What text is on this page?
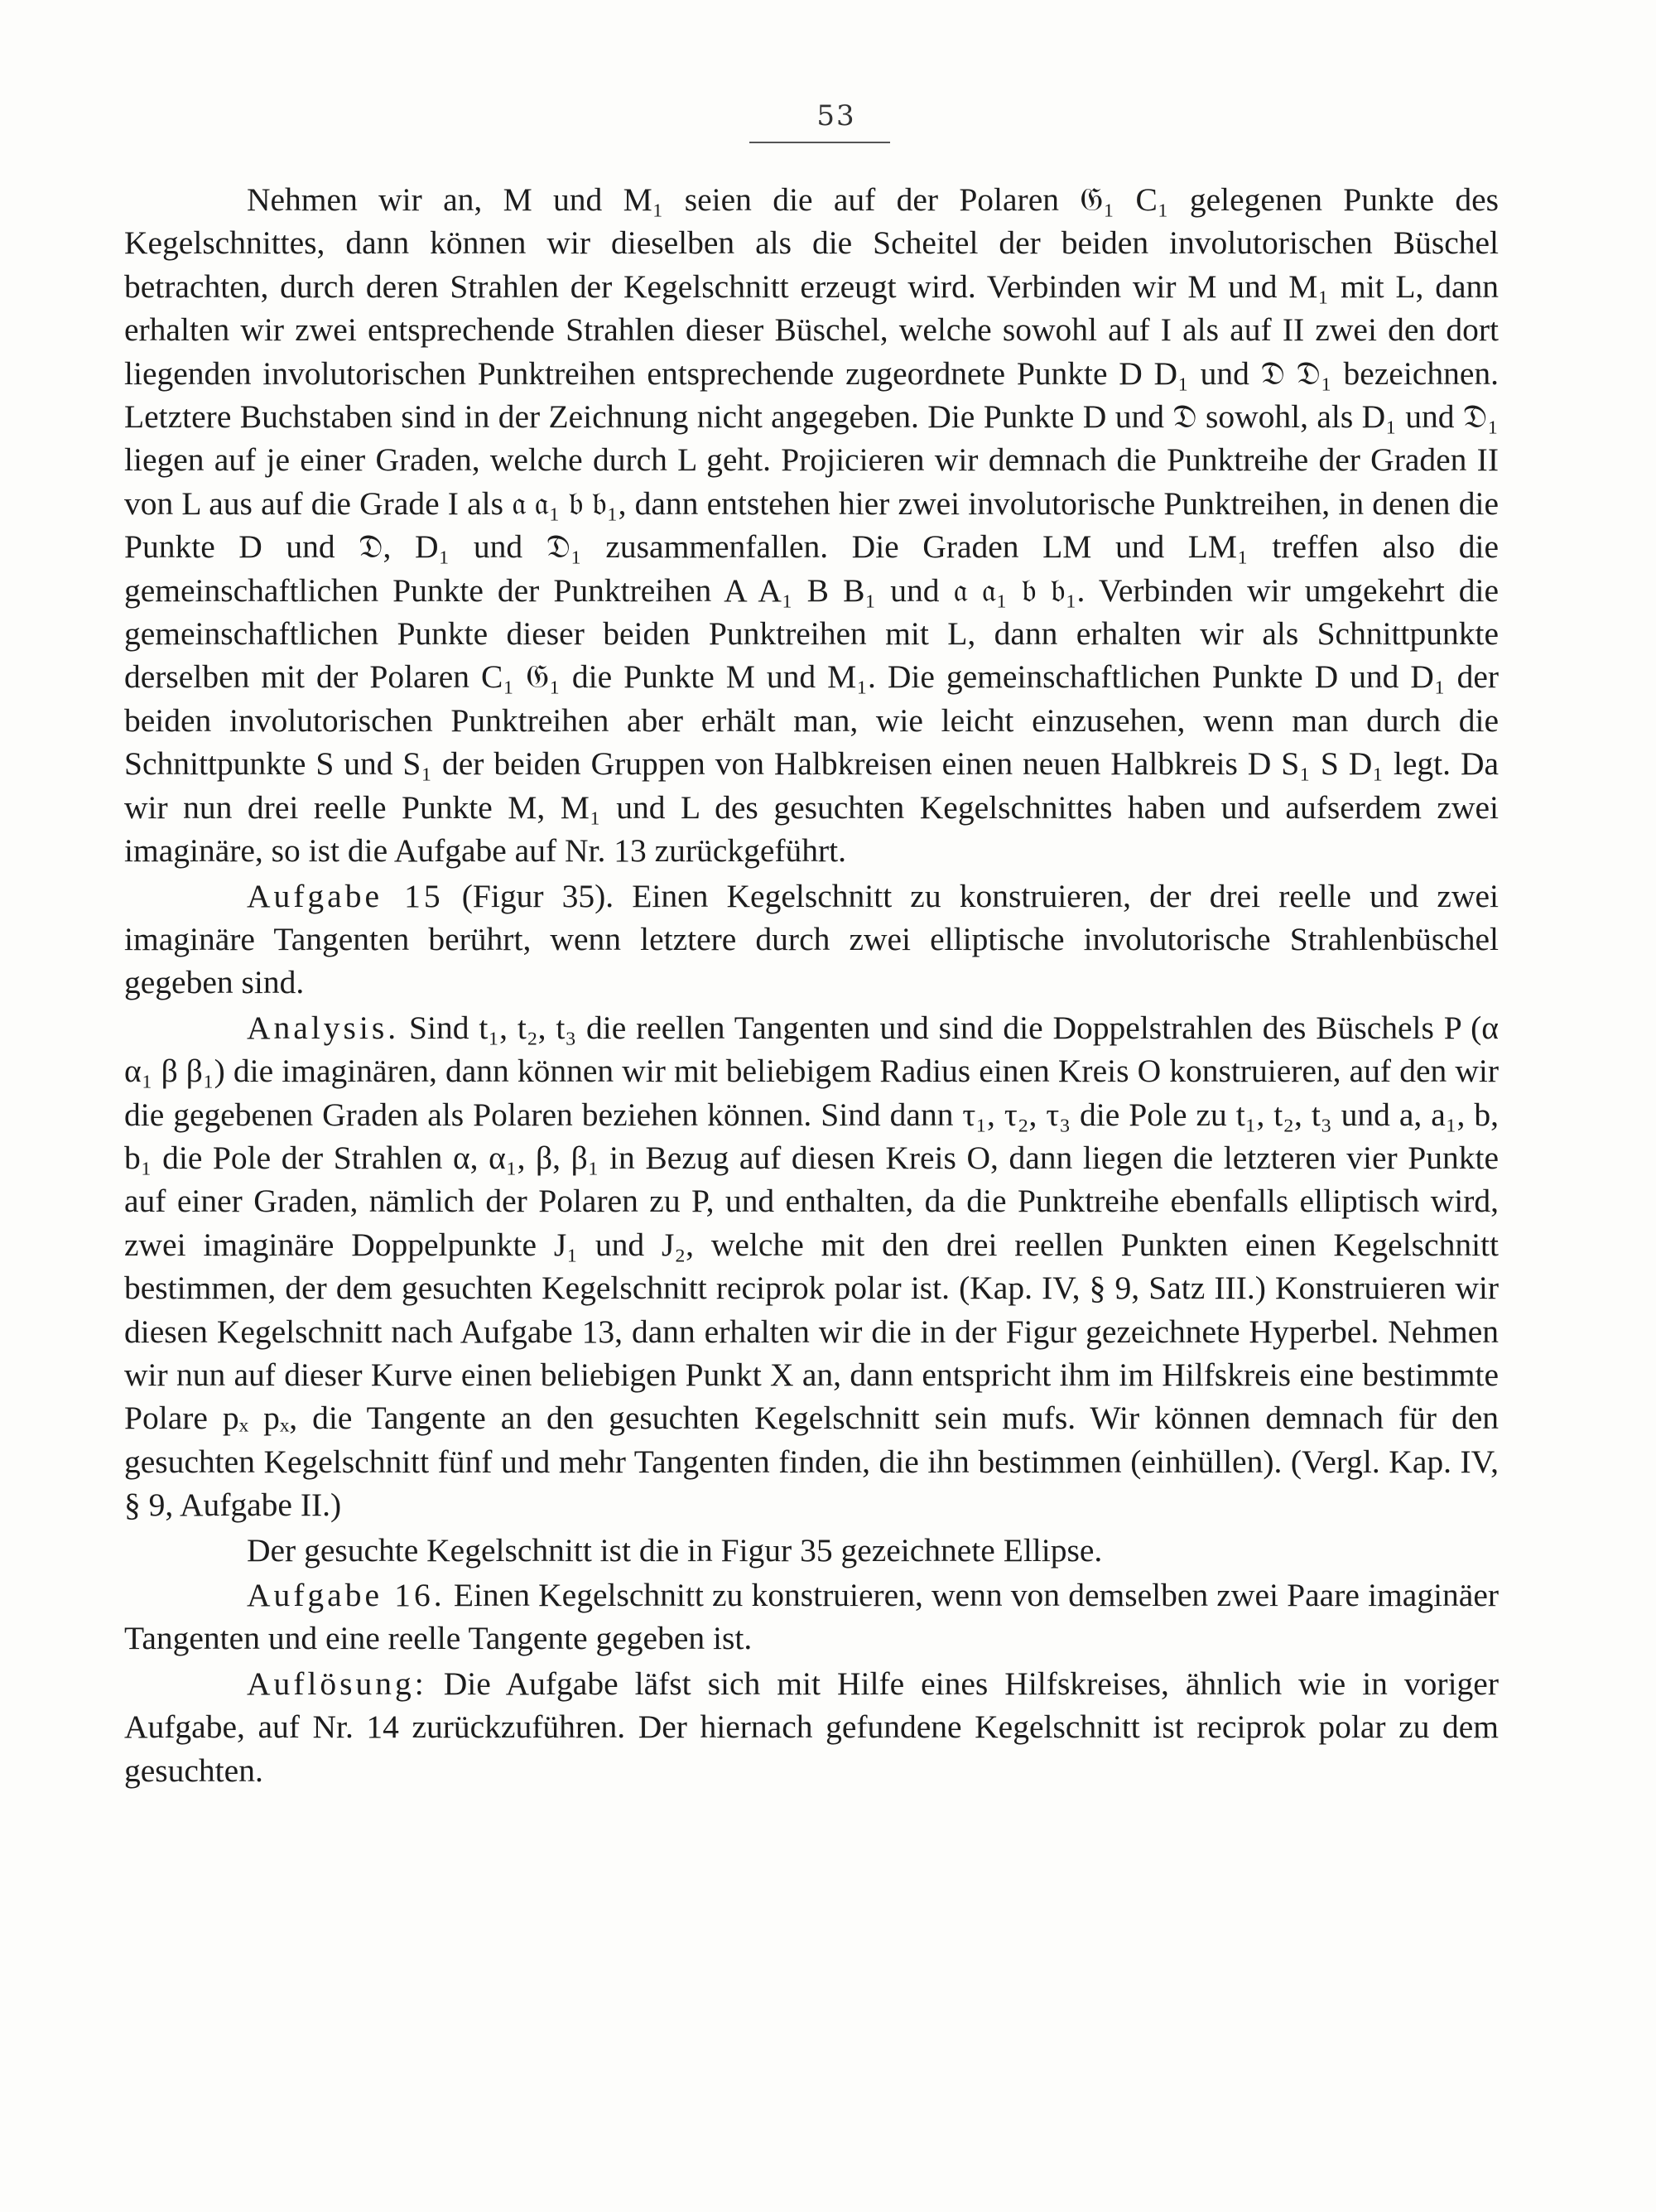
53

Nehmen wir an, M und M₁ seien die auf der Polaren 𝔊₁ C₁ gelegenen Punkte des Kegelschnittes, dann können wir dieselben als die Scheitel der beiden involutorischen Büschel betrachten, durch deren Strahlen der Kegelschnitt erzeugt wird. Verbinden wir M und M₁ mit L, dann erhalten wir zwei entsprechende Strahlen dieser Büschel, welche sowohl auf I als auf II zwei den dort liegenden involutorischen Punktreihen entsprechende zugeordnete Punkte D D₁ und 𝔇 𝔇₁ bezeichnen. Letztere Buchstaben sind in der Zeichnung nicht angegeben. Die Punkte D und 𝔇 sowohl, als D₁ und 𝔇₁ liegen auf je einer Graden, welche durch L geht. Projicieren wir demnach die Punktreihe der Graden II von L aus auf die Grade I als 𝔞 𝔞₁ 𝔟 𝔟₁, dann entstehen hier zwei involutorische Punktreihen, in denen die Punkte D und 𝔇, D₁ und 𝔇₁ zusammenfallen. Die Graden LM und LM₁ treffen also die gemeinschaftlichen Punkte der Punktreihen A A₁ B B₁ und 𝔞 𝔞₁ 𝔟 𝔟₁. Verbinden wir umgekehrt die gemeinschaftlichen Punkte dieser beiden Punktreihen mit L, dann erhalten wir als Schnittpunkte derselben mit der Polaren C₁ 𝔊₁ die Punkte M und M₁. Die gemeinschaftlichen Punkte D und D₁ der beiden involutorischen Punktreihen aber erhält man, wie leicht einzusehen, wenn man durch die Schnittpunkte S und S₁ der beiden Gruppen von Halbkreisen einen neuen Halbkreis D S₁ S D₁ legt. Da wir nun drei reelle Punkte M, M₁ und L des gesuchten Kegelschnittes haben und aufserdem zwei imaginäre, so ist die Aufgabe auf Nr. 13 zurückgeführt.

Aufgabe 15 (Figur 35). Einen Kegelschnitt zu konstruieren, der drei reelle und zwei imaginäre Tangenten berührt, wenn letztere durch zwei elliptische involutorische Strahlenbüschel gegeben sind.

Analysis. Sind t₁, t₂, t₃ die reellen Tangenten und sind die Doppelstrahlen des Büschels P (α α₁ β β₁) die imaginären, dann können wir mit beliebigem Radius einen Kreis O konstruieren, auf den wir die gegebenen Graden als Polaren beziehen können. Sind dann τ₁, τ₂, τ₃ die Pole zu t₁, t₂, t₃ und a, a₁, b, b₁ die Pole der Strahlen α, α₁, β, β₁ in Bezug auf diesen Kreis O, dann liegen die letzteren vier Punkte auf einer Graden, nämlich der Polaren zu P, und enthalten, da die Punktreihe ebenfalls elliptisch wird, zwei imaginäre Doppelpunkte J₁ und J₂, welche mit den drei reellen Punkten einen Kegelschnitt bestimmen, der dem gesuchten Kegelschnitt reciprok polar ist. (Kap. IV, § 9, Satz III.) Konstruieren wir diesen Kegelschnitt nach Aufgabe 13, dann erhalten wir die in der Figur gezeichnete Hyperbel. Nehmen wir nun auf dieser Kurve einen beliebigen Punkt X an, dann entspricht ihm im Hilfskreis eine bestimmte Polare pₓ pₓ, die Tangente an den gesuchten Kegelschnitt sein mufs. Wir können demnach für den gesuchten Kegelschnitt fünf und mehr Tangenten finden, die ihn bestimmen (einhüllen). (Vergl. Kap. IV, § 9, Aufgabe II.)

Der gesuchte Kegelschnitt ist die in Figur 35 gezeichnete Ellipse.

Aufgabe 16. Einen Kegelschnitt zu konstruieren, wenn von demselben zwei Paare imaginäer Tangenten und eine reelle Tangente gegeben ist.

Auflösung: Die Aufgabe läfst sich mit Hilfe eines Hilfskreises, ähnlich wie in voriger Aufgabe, auf Nr. 14 zurückzuführen. Der hiernach gefundene Kegelschnitt ist reciprok polar zu dem gesuchten.
